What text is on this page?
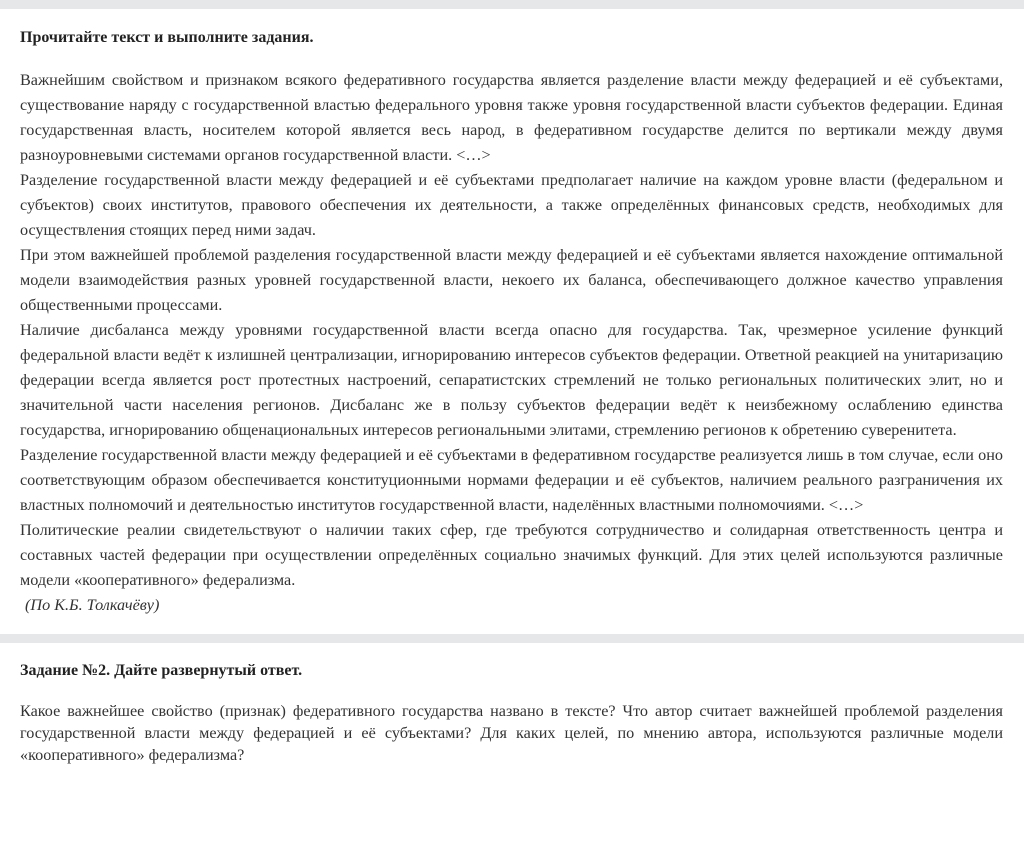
Прочитайте текст и выполните задания.

Важнейшим свойством и признаком всякого федеративного государства является разделение власти между федерацией и её субъектами, существование наряду с государственной властью федерального уровня также уровня государственной власти субъектов федерации. Единая государственная власть, носителем которой является весь народ, в федеративном государстве делится по вертикали между двумя разноуровневыми системами органов государственной власти. <…>

Разделение государственной власти между федерацией и её субъектами предполагает наличие на каждом уровне власти (федеральном и субъектов) своих институтов, правового обеспечения их деятельности, а также определённых финансовых средств, необходимых для осуществления стоящих перед ними задач.

При этом важнейшей проблемой разделения государственной власти между федерацией и её субъектами является нахождение оптимальной модели взаимодействия разных уровней государственной власти, некоего их баланса, обеспечивающего должное качество управления общественными процессами.

Наличие дисбаланса между уровнями государственной власти всегда опасно для государства. Так, чрезмерное усиление функций федеральной власти ведёт к излишней централизации, игнорированию интересов субъектов федерации. Ответной реакцией на унитаризацию федерации всегда является рост протестных настроений, сепаратистских стремлений не только региональных политических элит, но и значительной части населения регионов. Дисбаланс же в пользу субъектов федерации ведёт к неизбежному ослаблению единства государства, игнорированию общенациональных интересов региональными элитами, стремлению регионов к обретению суверенитета.

Разделение государственной власти между федерацией и её субъектами в федеративном государстве реализуется лишь в том случае, если оно соответствующим образом обеспечивается конституционными нормами федерации и её субъектов, наличием реального разграничения их властных полномочий и деятельностью институтов государственной власти, наделённых властными полномочиями. <…>

Политические реалии свидетельствуют о наличии таких сфер, где требуются сотрудничество и солидарная ответственность центра и составных частей федерации при осуществлении определённых социально значимых функций. Для этих целей используются различные модели «кооперативного» федерализма.

(По К.Б. Толкачёву)

Задание №2. Дайте развернутый ответ.

Какое важнейшее свойство (признак) федеративного государства названо в тексте? Что автор считает важнейшей проблемой разделения государственной власти между федерацией и её субъектами? Для каких целей, по мнению автора, используются различные модели «кооперативного» федерализма?
